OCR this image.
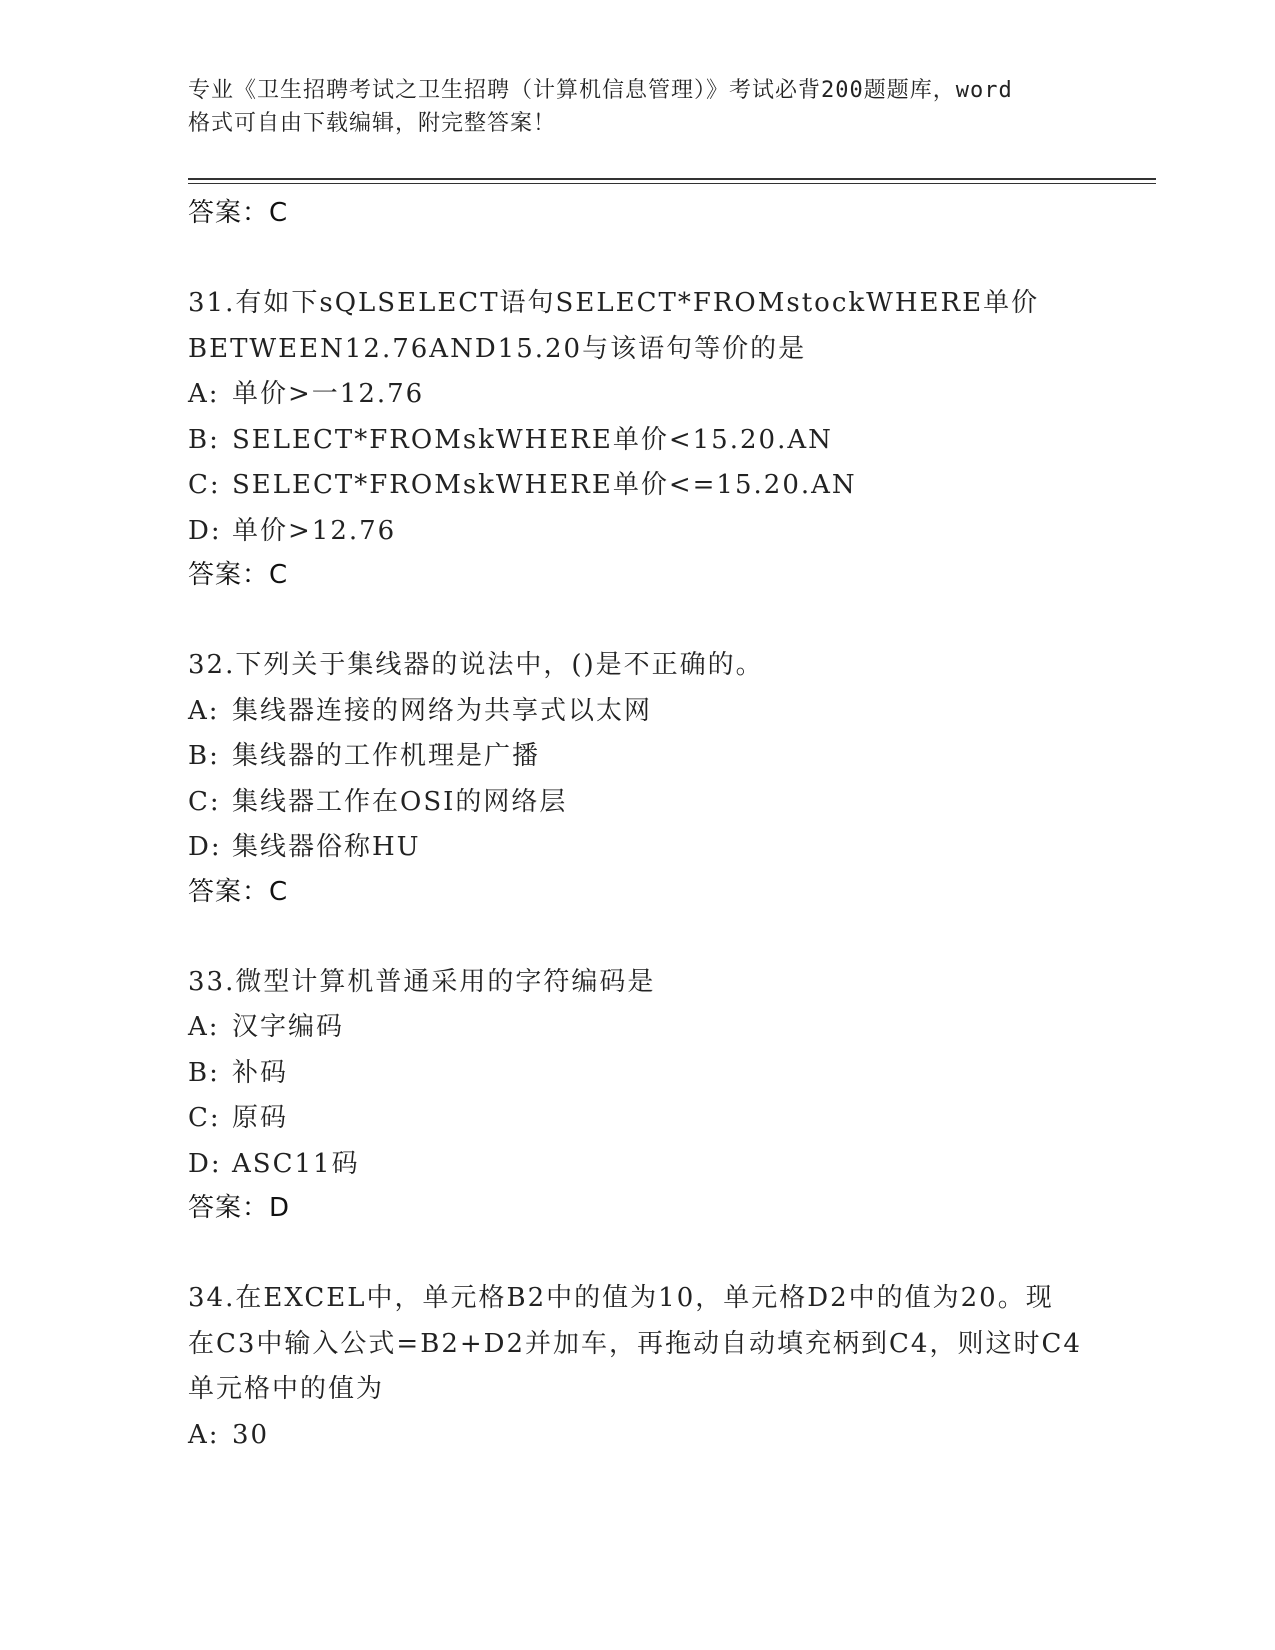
专业《卫生招聘考试之卫生招聘（计算机信息管理）》考试必背200题题库，word
格式可自由下载编辑，附完整答案！
答案：C
31.有如下sQLSELECT语句SELECT*FROMstockWHERE单价
BETWEEN12.76AND15.20与该语句等价的是
A: 单价>一12.76
B: SELECT*FROMskWHERE单价<15.20.AN
C: SELECT*FROMskWHERE单价<=15.20.AN
D: 单价>12.76
答案：C
32.下列关于集线器的说法中，()是不正确的。
A: 集线器连接的网络为共享式以太网
B: 集线器的工作机理是广播
C: 集线器工作在OSI的网络层
D: 集线器俗称HU
答案：C
33.微型计算机普通采用的字符编码是
A: 汉字编码
B: 补码
C: 原码
D: ASC11码
答案：D
34.在EXCEL中，单元格B2中的值为10，单元格D2中的值为20。现
在C3中输入公式=B2+D2并加车，再拖动自动填充柄到C4，则这时C4
单元格中的值为
A: 30
